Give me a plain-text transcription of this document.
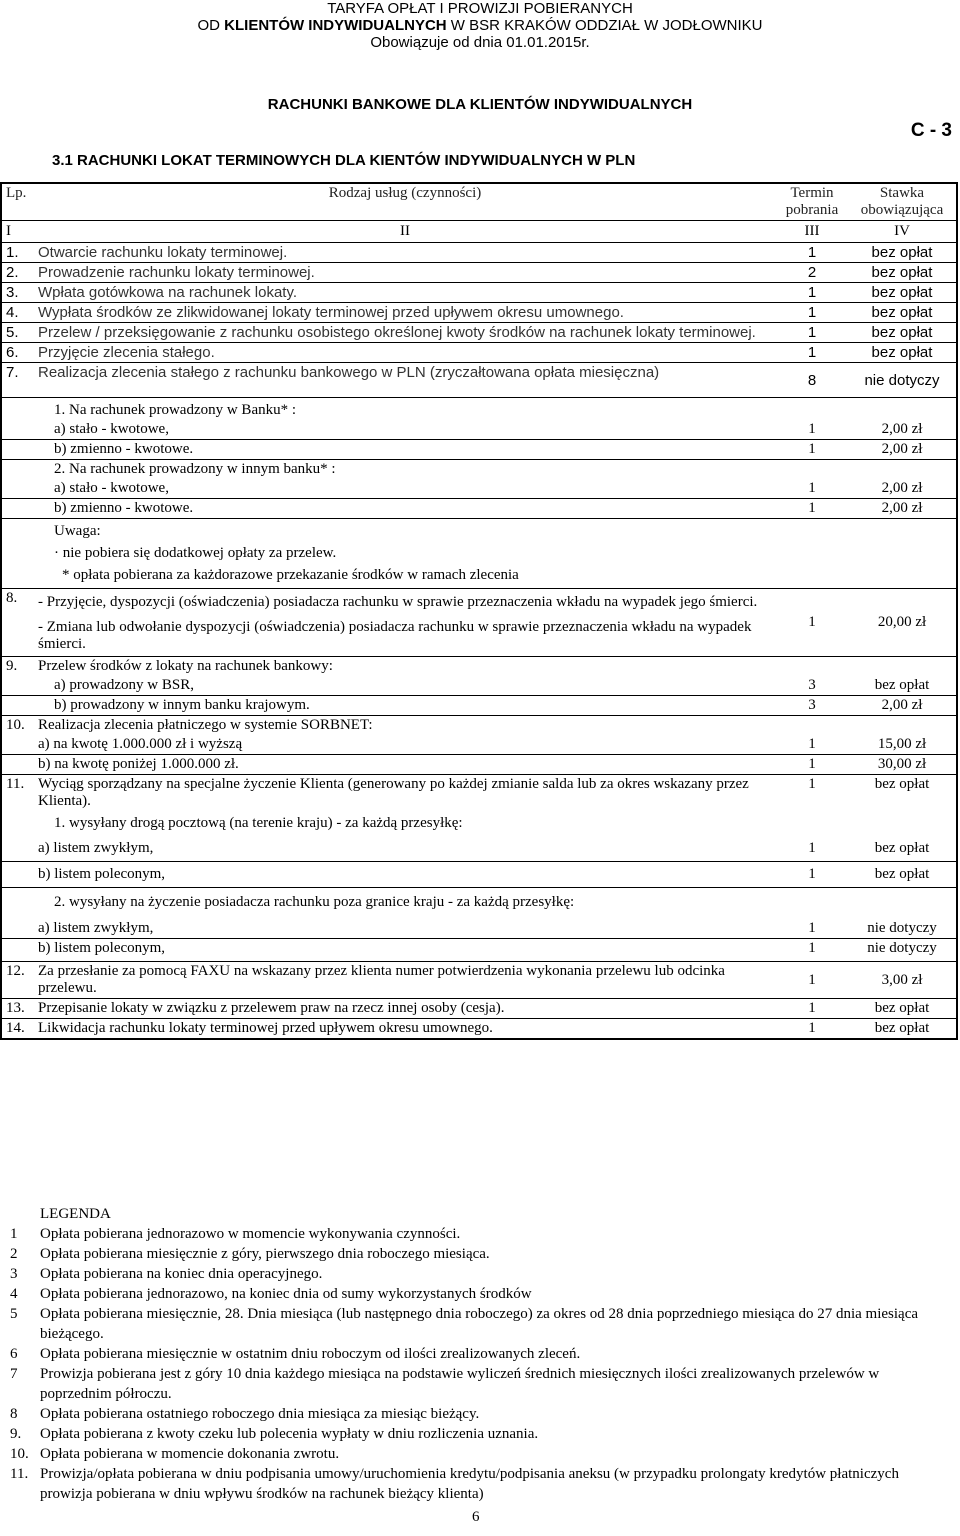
TARYFA OPŁAT I PROWIZJI POBIERANYCH
OD KLIENTÓW INDYWIDUALNYCH W BSR KRAKÓW ODDZIAŁ W JODŁOWNIKU
Obowiązuje od dnia 01.01.2015r.
RACHUNKI BANKOWE DLA KLIENTÓW INDYWIDUALNYCH
C - 3
3.1 RACHUNKI LOKAT TERMINOWYCH DLA KIENTÓW INDYWIDUALNYCH W PLN
Lp.	Rodzaj usług (czynności)	Termin pobrania	Stawka obowiązująca
I	II	III	IV
1.	Otwarcie rachunku lokaty terminowej.	1	bez opłat
2.	Prowadzenie rachunku lokaty terminowej.	2	bez opłat
3.	Wpłata gotówkowa na rachunek lokaty.	1	bez opłat
4.	Wypłata środków ze zlikwidowanej lokaty terminowej przed upływem okresu umownego.	1	bez opłat
5.	Przelew / przeksięgowanie z rachunku osobistego określonej kwoty środków na rachunek lokaty terminowej.	1	bez opłat
6.	Przyjęcie zlecenia stałego.	1	bez opłat
7.	Realizacja zlecenia stałego z rachunku bankowego w PLN (zryczałtowana opłata miesięczna)	8	nie dotyczy
	1. Na rachunek prowadzony w Banku* :		
	a) stało - kwotowe,	1	2,00 zł
	b) zmienno - kwotowe.	1	2,00 zł
	2. Na rachunek prowadzony w innym banku* :		
	a) stało - kwotowe,	1	2,00 zł
	b) zmienno - kwotowe.	1	2,00 zł
	Uwaga:		
	· nie pobiera się dodatkowej opłaty za przelew.		
	* opłata pobierana za każdorazowe przekazanie środków w ramach zlecenia		
8.	- Przyjęcie, dyspozycji (oświadczenia) posiadacza rachunku w sprawie przeznaczenia wkładu na wypadek jego śmierci.
- Zmiana lub odwołanie dyspozycji (oświadczenia) posiadacza rachunku w sprawie przeznaczenia wkładu na wypadek śmierci.	1	20,00 zł
9.	Przelew środków z lokaty na rachunek bankowy:		
	a) prowadzony w BSR,	3	bez opłat
	b) prowadzony w innym banku krajowym.	3	2,00 zł
10.	Realizacja zlecenia płatniczego w systemie SORBNET:		
	a) na kwotę 1.000.000 zł i wyższą	1	15,00 zł
	b) na kwotę poniżej 1.000.000 zł.	1	30,00 zł
11.	Wyciąg sporządzany na specjalne życzenie Klienta (generowany po każdej zmianie salda lub za okres wskazany przez Klienta).	1	bez opłat
	1. wysyłany drogą pocztową (na terenie kraju) - za każdą przesyłkę:		
	a) listem zwykłym,	1	bez opłat
	b) listem poleconym,	1	bez opłat
	2. wysyłany na życzenie posiadacza rachunku poza granice kraju - za każdą przesyłkę:		
	a) listem zwykłym,	1	nie dotyczy
	b) listem poleconym,	1	nie dotyczy
12.	Za przesłanie za pomocą FAXU na wskazany przez klienta numer potwierdzenia wykonania przelewu lub odcinka przelewu.	1	3,00 zł
13.	Przepisanie lokaty w związku z przelewem praw na rzecz innej osoby (cesja).	1	bez opłat
14.	Likwidacja rachunku lokaty terminowej przed upływem okresu umownego.	1	bez opłat
LEGENDA
1	Opłata pobierana jednorazowo w momencie wykonywania czynności.
2	Opłata pobierana miesięcznie z góry, pierwszego dnia roboczego miesiąca.
3	Opłata pobierana na koniec dnia operacyjnego.
4	Opłata pobierana jednorazowo, na koniec dnia od sumy wykorzystanych środków
5	Opłata pobierana miesięcznie, 28. Dnia miesiąca (lub następnego dnia roboczego) za okres od 28 dnia poprzedniego miesiąca do 27 dnia miesiąca bieżącego.
6	Opłata pobierana miesięcznie w ostatnim dniu roboczym od ilości zrealizowanych zleceń.
7	Prowizja pobierana jest z góry 10 dnia każdego miesiąca na podstawie wyliczeń średnich miesięcznych ilości zrealizowanych przelewów w poprzednim półroczu.
8	Opłata pobierana ostatniego roboczego dnia miesiąca za miesiąc bieżący.
9.	Opłata pobierana z kwoty czeku lub polecenia wypłaty w dniu rozliczenia uznania.
10. Opłata pobierana w momencie dokonania zwrotu.
11. Prowizja/opłata pobierana w dniu podpisania umowy/uruchomienia kredytu/podpisania aneksu (w przypadku prolongaty kredytów płatniczych prowizja pobierana w dniu wpływu środków na rachunek bieżący klienta)
6
